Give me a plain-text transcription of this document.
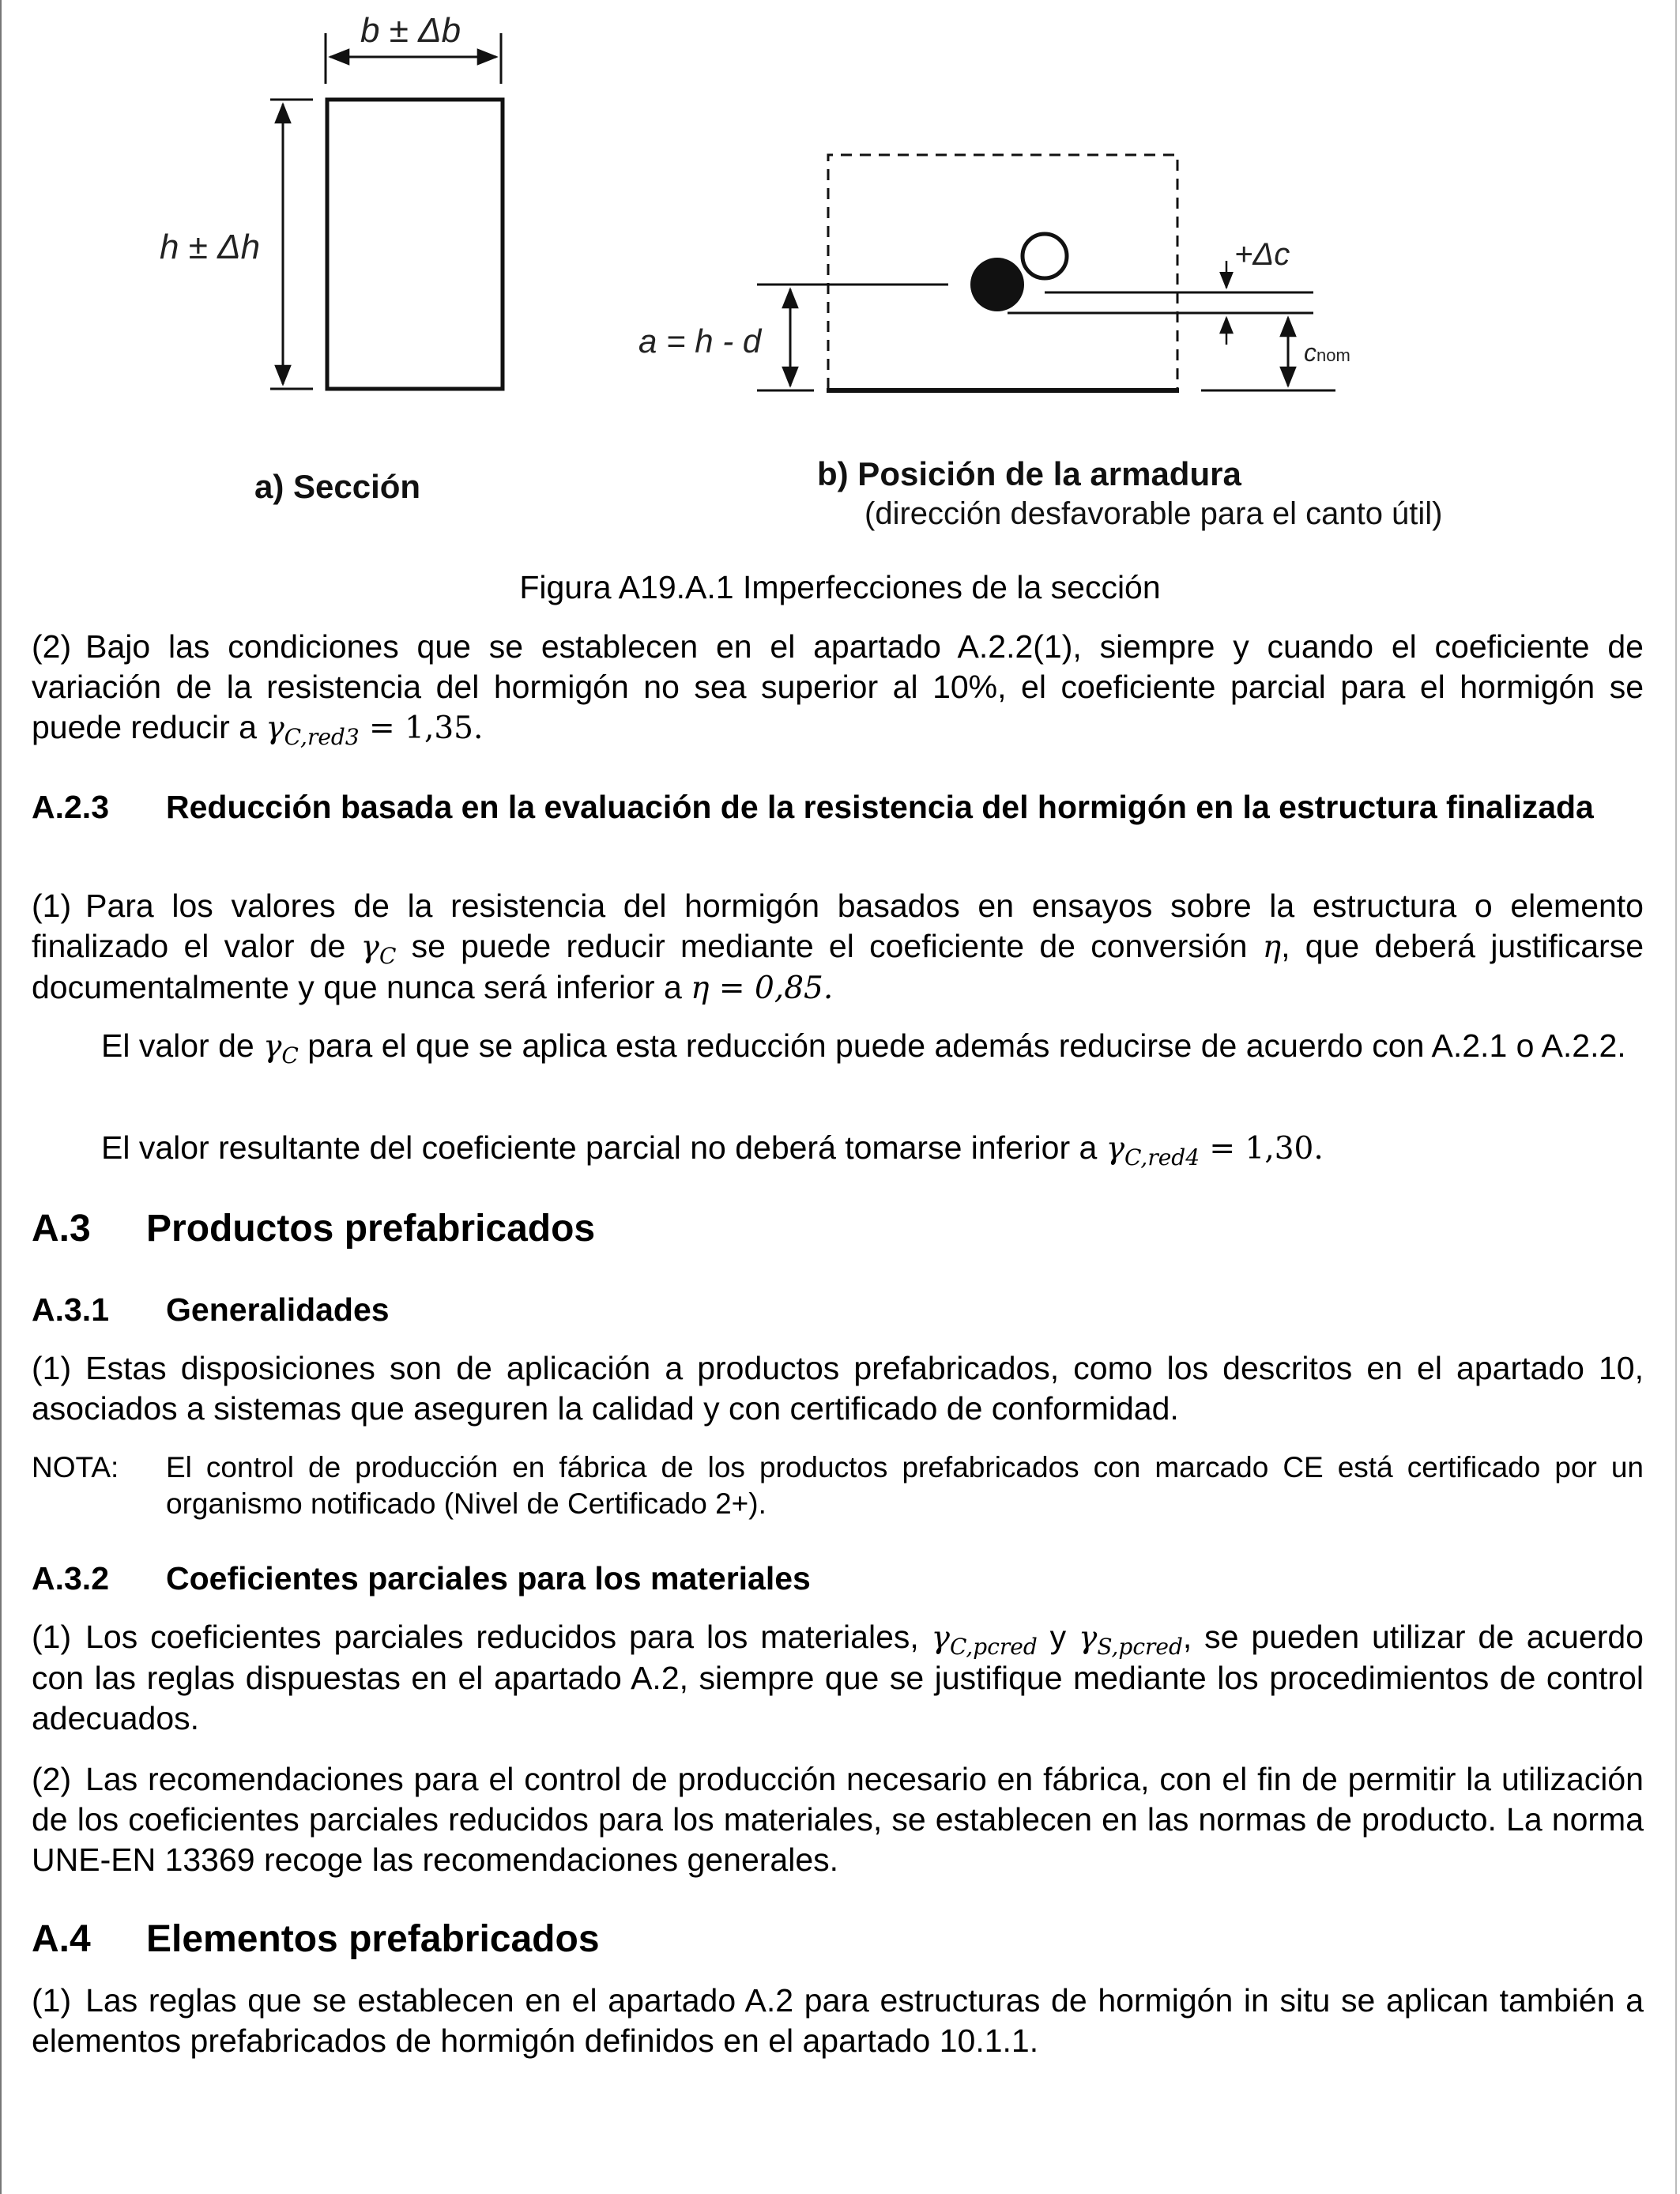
b ± Δb
h ± Δh
a = h - d
+Δc
cnom
a) Sección	b) Posición de la armadura
(dirección desfavorable para el canto útil)
Figura A19.A.1 Imperfecciones de la sección

(2) Bajo las condiciones que se establecen en el apartado A.2.2(1), siempre y cuando el coeficiente de variación de la resistencia del hormigón no sea superior al 10%, el coeficiente parcial para el hormigón se puede reducir a $\gamma_{C,red3} = 1,35$.

A.2.3	Reducción basada en la evaluación de la resistencia del hormigón en la estructura finalizada

(1) Para los valores de la resistencia del hormigón basados en ensayos sobre la estructura o elemento finalizado el valor de $\gamma_C$ se puede reducir mediante el coeficiente de conversión η, que deberá justificarse documentalmente y que nunca será inferior a η = 0,85.

El valor de $\gamma_C$ para el que se aplica esta reducción puede además reducirse de acuerdo con A.2.1 o A.2.2.

El valor resultante del coeficiente parcial no deberá tomarse inferior a $\gamma_{C,red4} = 1,30$.

A.3	Productos prefabricados
A.3.1	Generalidades

(1) Estas disposiciones son de aplicación a productos prefabricados, como los descritos en el apartado 10, asociados a sistemas que aseguren la calidad y con certificado de conformidad.

NOTA:	El control de producción en fábrica de los productos prefabricados con marcado CE está certificado por un organismo notificado (Nivel de Certificado 2+).
A.3.2	Coeficientes parciales para los materiales

(1) Los coeficientes parciales reducidos para los materiales, $\gamma_{C,pcred}$ y $\gamma_{S,pcred}$, se pueden utilizar de acuerdo con las reglas dispuestas en el apartado A.2, siempre que se justifique mediante los procedimientos de control adecuados.

(2) Las recomendaciones para el control de producción necesario en fábrica, con el fin de permitir la utilización de los coeficientes parciales reducidos para los materiales, se establecen en las normas de producto. La norma UNE-EN 13369 recoge las recomendaciones generales.

A.4	Elementos prefabricados

(1) Las reglas que se establecen en el apartado A.2 para estructuras de hormigón in situ se aplican también a elementos prefabricados de hormigón definidos en el apartado 10.1.1.
